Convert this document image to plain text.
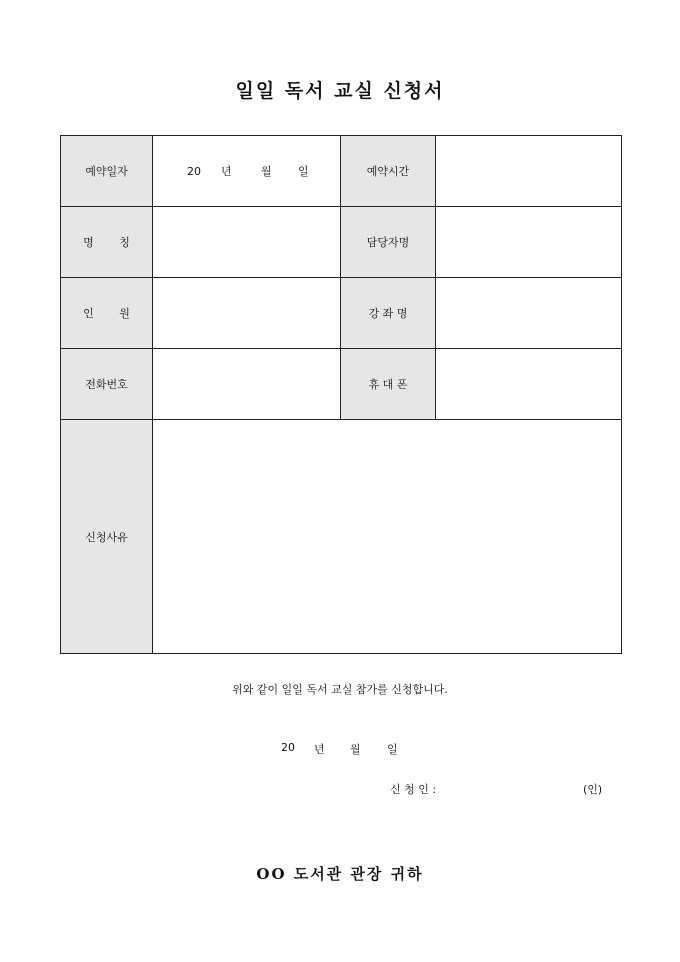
일일 독서 교실 신청서
예약일자	20 년 월 일	예약시간	
명 칭		담당자명	
인 원		강 좌 명	
전화번호		휴 대 폰	
신청사유			
위와 같이 일일 독서 교실 참가를 신청합니다.
20 년 월 일
신 청 인 :	(인)
OO 도서관 관장 귀하
